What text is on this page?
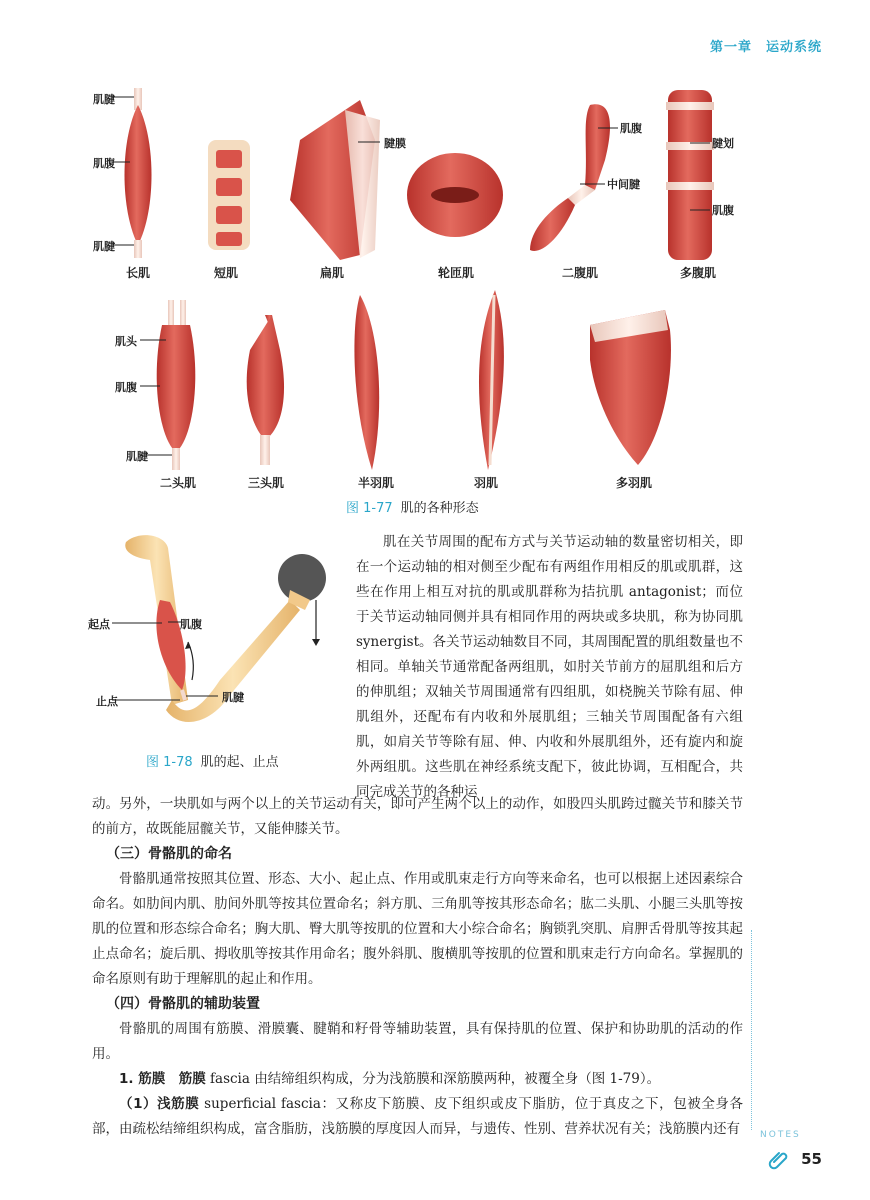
第一章　运动系统
肌腱
肌腹
肌腱
腱膜
肌腹
中间腱
腱划
肌腹
肌头
肌腹
肌腱
长肌	短肌	扁肌	轮匝肌	二腹肌	多腹肌
二头肌	三头肌	半羽肌	羽肌	多羽肌
图 1-77 肌的各种形态
起点	肌腹
止点	肌腱
图 1-78 肌的起、止点

肌在关节周围的配布方式与关节运动轴的数量密切相关，即在一个运动轴的相对侧至少配布有两组作用相反的肌或肌群，这些在作用上相互对抗的肌或肌群称为拮抗肌 antagonist；而位于关节运动轴同侧并具有相同作用的两块或多块肌，称为协同肌 synergist。各关节运动轴数目不同，其周围配置的肌组数量也不相同。单轴关节通常配备两组肌，如肘关节前方的屈肌组和后方的伸肌组；双轴关节周围通常有四组肌，如桡腕关节除有屈、伸肌组外，还配布有内收和外展肌组；三轴关节周围配备有六组肌，如肩关节等除有屈、伸、内收和外展肌组外，还有旋内和旋外两组肌。这些肌在神经系统支配下，彼此协调，互相配合，共同完成关节的各种运

动。另外，一块肌如与两个以上的关节运动有关，即可产生两个以上的动作，如股四头肌跨过髋关节和膝关节的前方，故既能屈髋关节，又能伸膝关节。

（三）骨骼肌的命名

骨骼肌通常按照其位置、形态、大小、起止点、作用或肌束走行方向等来命名，也可以根据上述因素综合命名。如肋间内肌、肋间外肌等按其位置命名；斜方肌、三角肌等按其形态命名；肱二头肌、小腿三头肌等按肌的位置和形态综合命名；胸大肌、臀大肌等按肌的位置和大小综合命名；胸锁乳突肌、肩胛舌骨肌等按其起止点命名；旋后肌、拇收肌等按其作用命名；腹外斜肌、腹横肌等按肌的位置和肌束走行方向命名。掌握肌的命名原则有助于理解肌的起止和作用。

（四）骨骼肌的辅助装置

骨骼肌的周围有筋膜、滑膜囊、腱鞘和籽骨等辅助装置，具有保持肌的位置、保护和协助肌的活动的作用。

1. 筋膜　 筋膜 fascia 由结缔组织构成，分为浅筋膜和深筋膜两种，被覆全身（图 1-79）。

（1）浅筋膜 superficial fascia：又称皮下筋膜、皮下组织或皮下脂肪，位于真皮之下，包被全身各部，由疏松结缔组织构成，富含脂肪，浅筋膜的厚度因人而异，与遗传、性别、营养状况有关；浅筋膜内还有	NOTES
55
